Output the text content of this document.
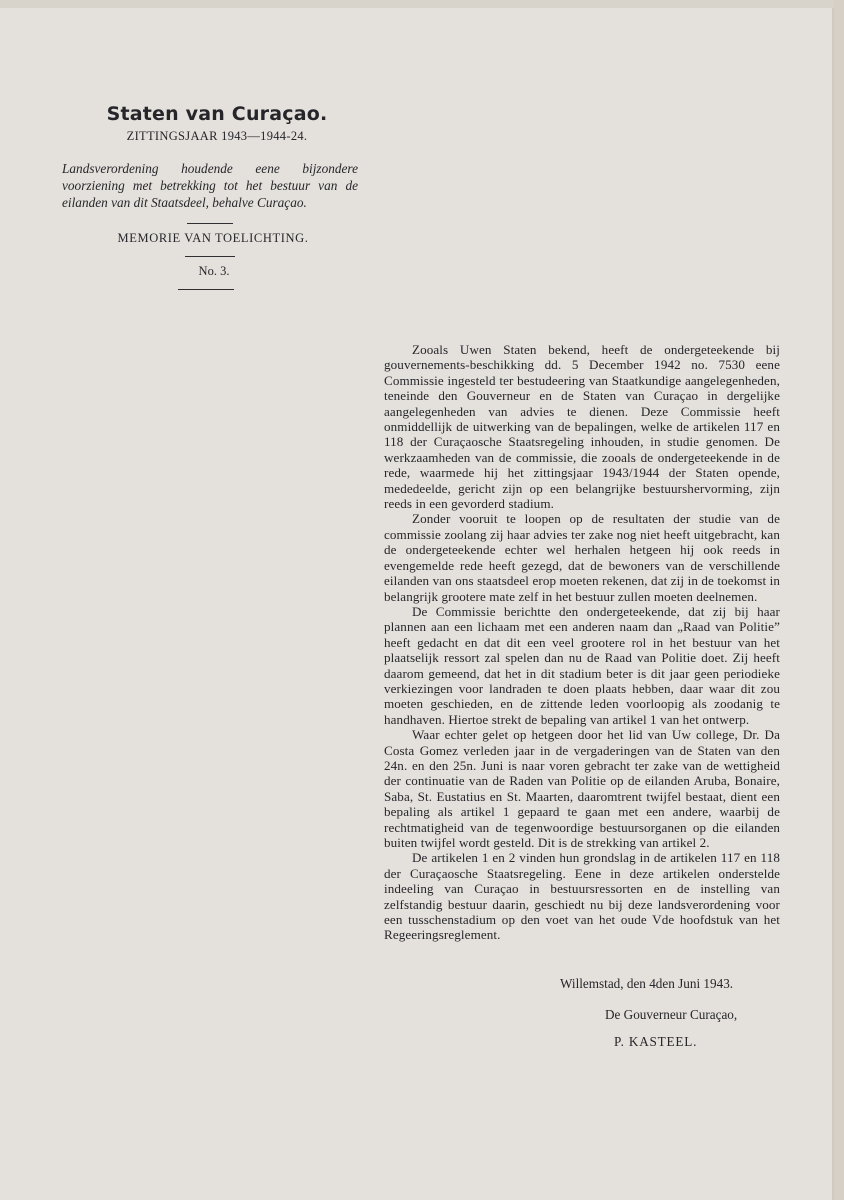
Staten van Curaçao.
ZITTINGSJAAR 1943—1944-24.
Landsverordening houdende eene bijzondere voorziening met betrekking tot het bestuur van de eilanden van dit Staatsdeel, behalve Curaçao.
MEMORIE VAN TOELICHTING.
No. 3.

Zooals Uwen Staten bekend, heeft de ondergeteekende bij gouvernements-beschikking dd. 5 December 1942 no. 7530 eene Commissie ingesteld ter bestudeering van Staatkundige aangelegenheden, teneinde den Gouverneur en de Staten van Curaçao in dergelijke aangelegenheden van advies te dienen. Deze Commissie heeft onmiddellijk de uitwerking van de bepalingen, welke de artikelen 117 en 118 der Curaçaosche Staatsregeling inhouden, in studie genomen. De werkzaamheden van de commissie, die zooals de ondergeteekende in de rede, waarmede hij het zittingsjaar 1943/1944 der Staten opende, mededeelde, gericht zijn op een belangrijke bestuurshervorming, zijn reeds in een gevorderd stadium.

Zonder vooruit te loopen op de resultaten der studie van de commissie zoolang zij haar advies ter zake nog niet heeft uitgebracht, kan de ondergeteekende echter wel herhalen hetgeen hij ook reeds in evengemelde rede heeft gezegd, dat de bewoners van de verschillende eilanden van ons staatsdeel erop moeten rekenen, dat zij in de toekomst in belangrijk grootere mate zelf in het bestuur zullen moeten deelnemen.

De Commissie berichtte den ondergeteekende, dat zij bij haar plannen aan een lichaam met een anderen naam dan „Raad van Politie” heeft gedacht en dat dit een veel grootere rol in het bestuur van het plaatselijk ressort zal spelen dan nu de Raad van Politie doet. Zij heeft daarom gemeend, dat het in dit stadium beter is dit jaar geen periodieke verkiezingen voor landraden te doen plaats hebben, daar waar dit zou moeten geschieden, en de zittende leden voorloopig als zoodanig te handhaven. Hiertoe strekt de bepaling van artikel 1 van het ontwerp.

Waar echter gelet op hetgeen door het lid van Uw college, Dr. Da Costa Gomez verleden jaar in de vergaderingen van de Staten van den 24n. en den 25n. Juni is naar voren gebracht ter zake van de wettigheid der continuatie van de Raden van Politie op de eilanden Aruba, Bonaire, Saba, St. Eustatius en St. Maarten, daaromtrent twijfel bestaat, dient een bepaling als artikel 1 gepaard te gaan met een andere, waarbij de rechtmatigheid van de tegenwoordige bestuursorganen op die eilanden buiten twijfel wordt gesteld. Dit is de strekking van artikel 2.

De artikelen 1 en 2 vinden hun grondslag in de artikelen 117 en 118 der Curaçaosche Staatsregeling. Eene in deze artikelen onderstelde indeeling van Curaçao in bestuursressorten en de instelling van zelfstandig bestuur daarin, geschiedt nu bij deze landsverordening voor een tusschenstadium op den voet van het oude Vde hoofdstuk van het Regeeringsreglement.

Willemstad, den 4den Juni 1943.
De Gouverneur Curaçao,
P. KASTEEL.
